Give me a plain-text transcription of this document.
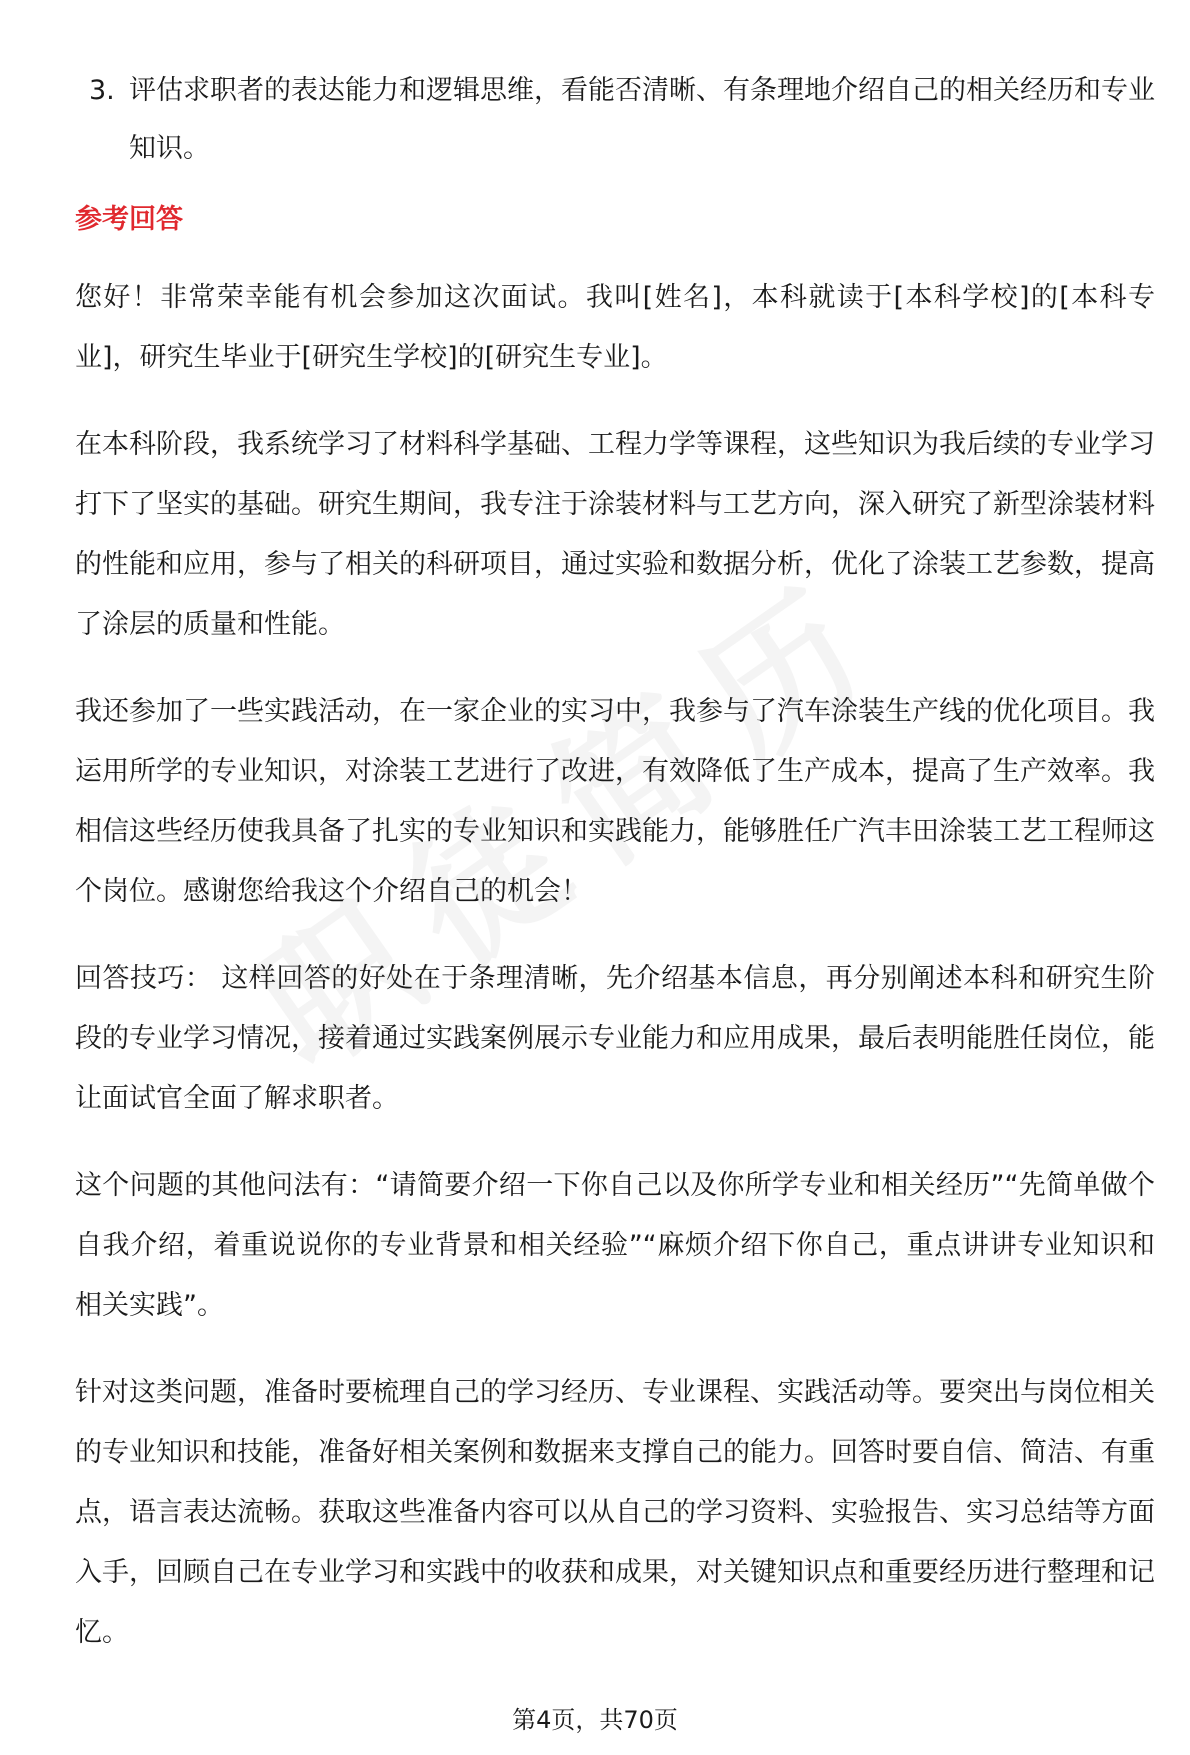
3. 评估求职者的表达能力和逻辑思维，看能否清晰、有条理地介绍自己的相关经历和专业知识。
参考回答

您好！非常荣幸能有机会参加这次面试。我叫[姓名]，本科就读于[本科学校]的[本科专业]，研究生毕业于[研究生学校]的[研究生专业]。

在本科阶段，我系统学习了材料科学基础、工程力学等课程，这些知识为我后续的专业学习打下了坚实的基础。研究生期间，我专注于涂装材料与工艺方向，深入研究了新型涂装材料的性能和应用，参与了相关的科研项目，通过实验和数据分析，优化了涂装工艺参数，提高了涂层的质量和性能。

我还参加了一些实践活动，在一家企业的实习中，我参与了汽车涂装生产线的优化项目。我运用所学的专业知识，对涂装工艺进行了改进，有效降低了生产成本，提高了生产效率。我相信这些经历使我具备了扎实的专业知识和实践能力，能够胜任广汽丰田涂装工艺工程师这个岗位。感谢您给我这个介绍自己的机会！

回答技巧： 这样回答的好处在于条理清晰，先介绍基本信息，再分别阐述本科和研究生阶段的专业学习情况，接着通过实践案例展示专业能力和应用成果，最后表明能胜任岗位，能让面试官全面了解求职者。

这个问题的其他问法有：“请简要介绍一下你自己以及你所学专业和相关经历”“先简单做个自我介绍，着重说说你的专业背景和相关经验”“麻烦介绍下你自己，重点讲讲专业知识和相关实践”。

针对这类问题，准备时要梳理自己的学习经历、专业课程、实践活动等。要突出与岗位相关的专业知识和技能，准备好相关案例和数据来支撑自己的能力。回答时要自信、简洁、有重点，语言表达流畅。获取这些准备内容可以从自己的学习资料、实验报告、实习总结等方面入手，回顾自己在专业学习和实践中的收获和成果，对关键知识点和重要经历进行整理和记忆。

第4页，共70页
